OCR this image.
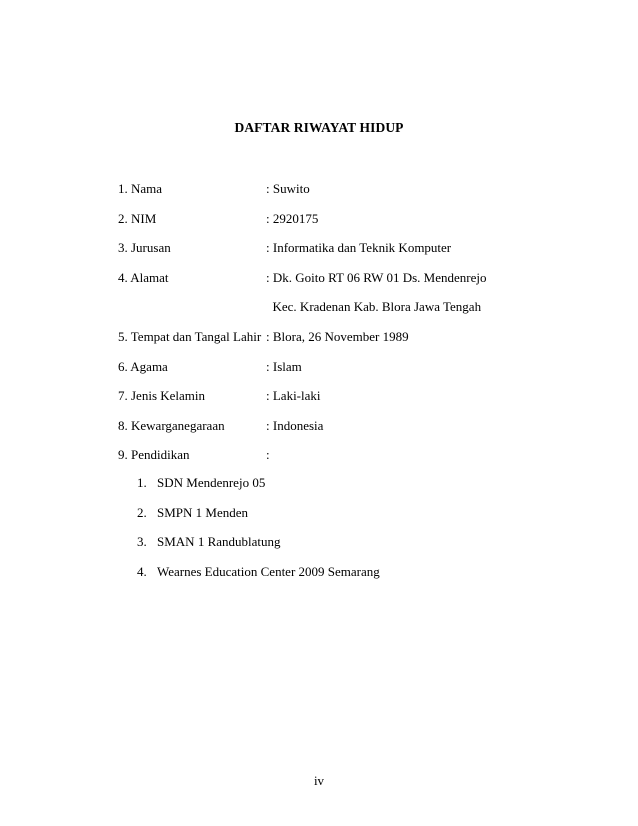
DAFTAR RIWAYAT HIDUP
1. Nama	: Suwito
2. NIM	: 2920175
3. Jurusan	: Informatika dan Teknik Komputer
4. Alamat	: Dk. Goito RT 06 RW 01 Ds. Mendenrejo
Kec. Kradenan Kab. Blora Jawa Tengah
5. Tempat dan Tangal Lahir : Blora, 26 November 1989
6. Agama	: Islam
7. Jenis Kelamin	: Laki-laki
8. Kewarganegaraan	: Indonesia
9. Pendidikan	:
1. SDN Mendenrejo 05
2. SMPN 1 Menden
3. SMAN 1 Randublatung
4. Wearnes Education Center 2009 Semarang
iv
